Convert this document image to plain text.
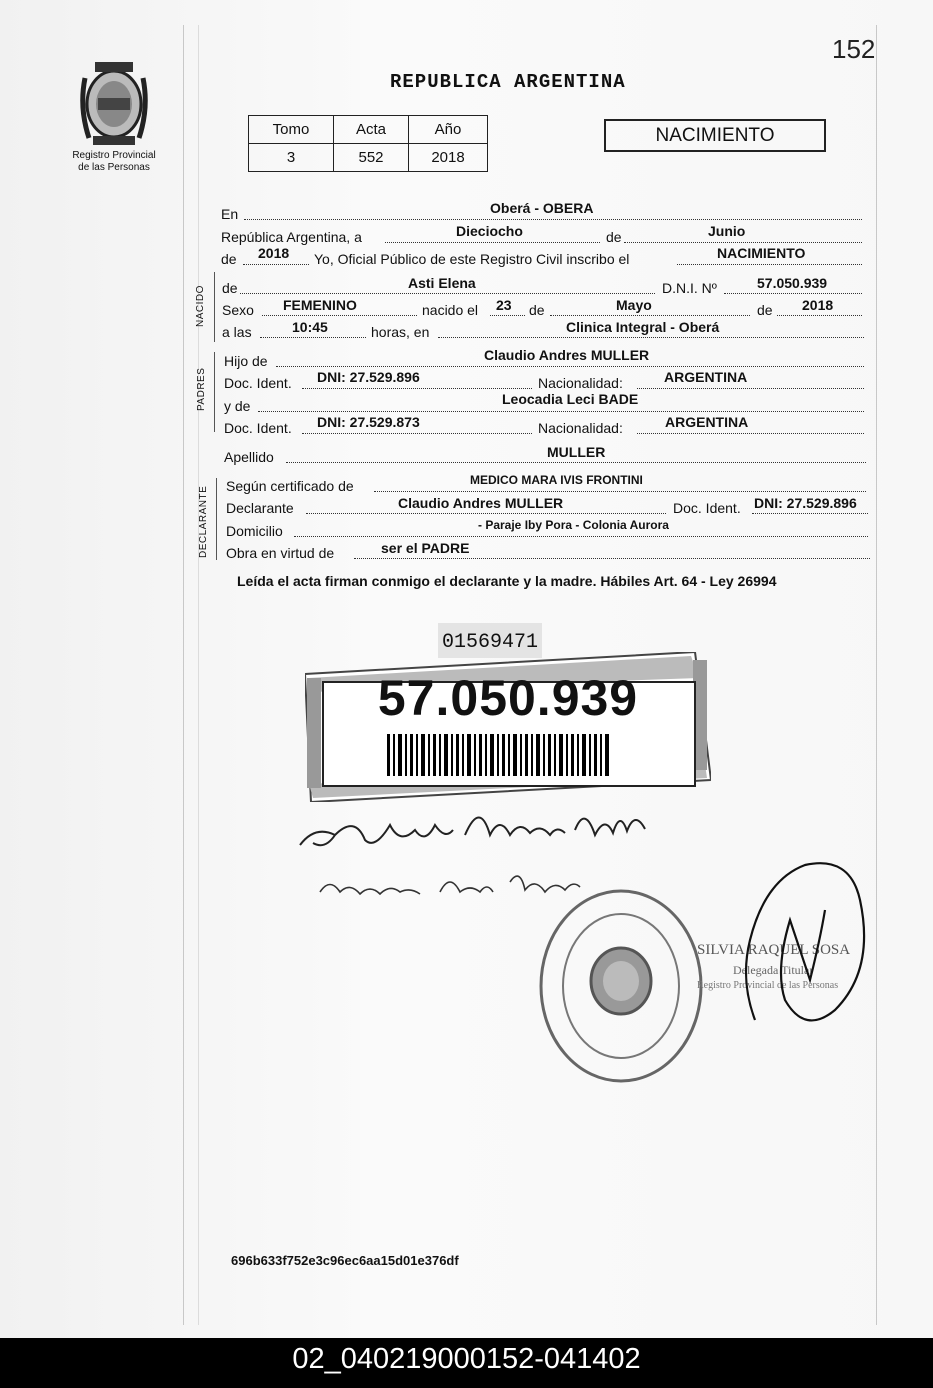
152
Registro Provincial
de las Personas
REPUBLICA ARGENTINA
Tomo	Acta	Año
3	552	2018
NACIMIENTO
En	Oberá - OBERA
República Argentina, a	Dieciocho	de	Junio
de 2018 Yo, Oficial Público de este Registro Civil inscribo el	NACIMIENTO
NACIDO de	Asti Elena	D.N.I. Nº	57.050.939
Sexo FEMENINO	nacido el 23 de	Mayo	de 2018
a las	10:45	horas, en	Clinica Integral - Oberá
PADRES
Hijo de	Claudio Andres MULLER
Doc. Ident. DNI: 27.529.896	Nacionalidad:	ARGENTINA
y de	Leocadia Leci BADE
Doc. Ident. DNI: 27.529.873	Nacionalidad:	ARGENTINA
Apellido	MULLER
DECLARANTE Según certificado de	MEDICO MARA IVIS FRONTINI
Declarante	Claudio Andres MULLER	Doc. Ident. DNI: 27.529.896
Domicilio	- Paraje Iby Pora - Colonia Aurora
Obra en virtud de	ser el PADRE
Leída el acta firman conmigo el declarante y la madre. Hábiles Art. 64 - Ley 26994
01569471
57.050.939
SILVIA RAQUEL SOSA
Delegada Titular
Registro Provincial de las Personas
696b633f752e3c96ec6aa15d01e376df
02_040219000152-041402
